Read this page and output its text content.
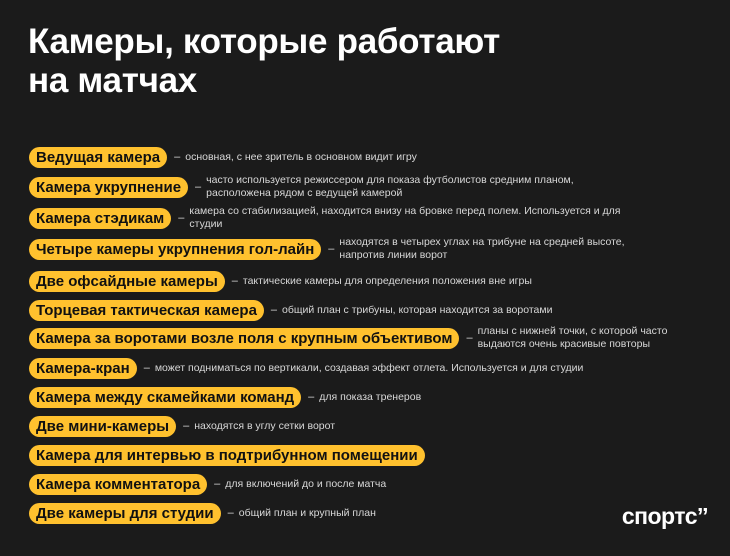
Камеры, которые работают
на матчах
Ведущая камера	– основная, с нее зритель в основном видит игру
Камера укрупнение	–
часто используется режиссером для показа футболистов средним планом,
расположена рядом с ведущей камерой
Камера стэдикам	–
камера со стабилизацией, находится внизу на бровке перед полем. Используется и для студии
Четыре камеры укрупнения гол-лайн	–
находятся в четырех углах на трибуне на средней высоте,
напротив линии ворот
Две офсайдные камеры	– тактические камеры для определения положения вне игры
Торцевая тактическая камера	– общий план с трибуны, которая находится за воротами
Камера за воротами возле поля с крупным объективом	–
планы с нижней точки, с которой часто
выдаются очень красивые повторы
Камера-кран	– может подниматься по вертикали, создавая эффект отлета. Используется и для студии
Камера между скамейками команд	– для показа тренеров
Две мини-камеры	– находятся в углу сетки ворот
Камера для интервью в подтрибунном помещении
Камера комментатора	– для включений до и после матча
Две камеры для студии	– общий план и крупный план	спортс’’
